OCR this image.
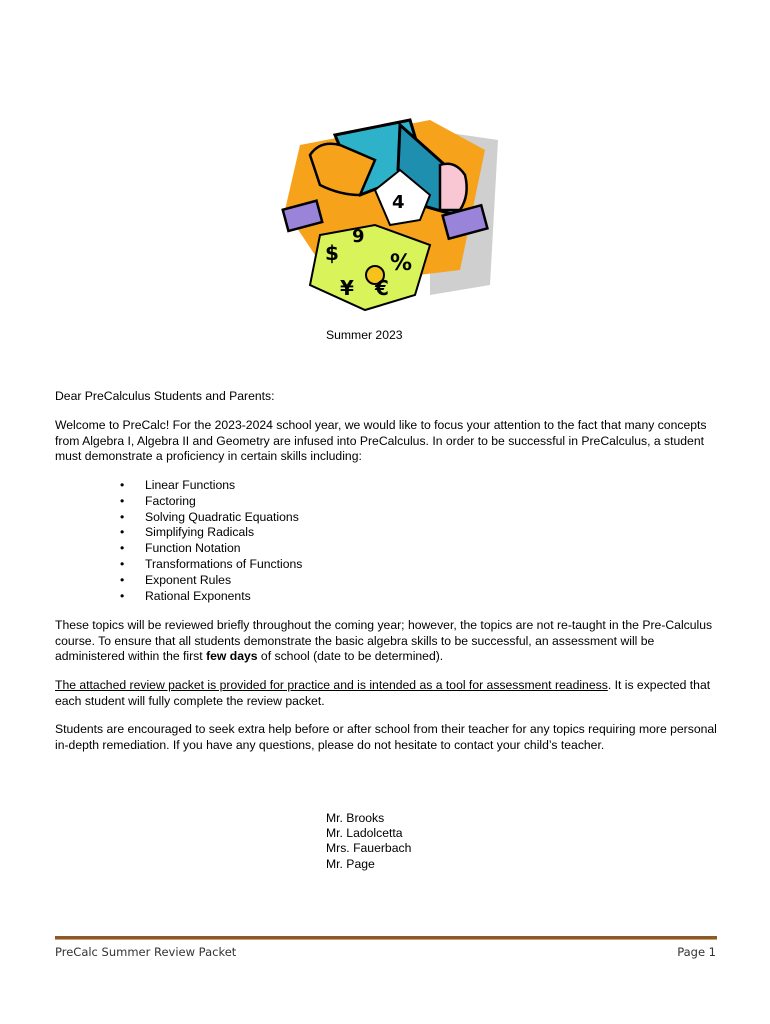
4
%
$
¥ €
9
Summer 2023
Dear PreCalculus Students and Parents:
Welcome to PreCalc! For the 2023-2024 school year, we would like to focus your attention to the fact that many concepts from Algebra I, Algebra II and Geometry are infused into PreCalculus. In order to be successful in PreCalculus, a student must demonstrate a proficiency in certain skills including:
• Linear Functions
• Factoring
• Solving Quadratic Equations
• Simplifying Radicals
• Function Notation
• Transformations of Functions
• Exponent Rules
• Rational Exponents
These topics will be reviewed briefly throughout the coming year; however, the topics are not re-taught in the Pre-Calculus course. To ensure that all students demonstrate the basic algebra skills to be successful, an assessment will be administered within the first few days of school (date to be determined).
The attached review packet is provided for practice and is intended as a tool for assessment readiness. It is expected that each student will fully complete the review packet.
Students are encouraged to seek extra help before or after school from their teacher for any topics requiring more personal in-depth remediation. If you have any questions, please do not hesitate to contact your child’s teacher.
Mr. Brooks
Mr. Ladolcetta
Mrs. Fauerbach
Mr. Page
PreCalc Summer Review Packet	Page 1
